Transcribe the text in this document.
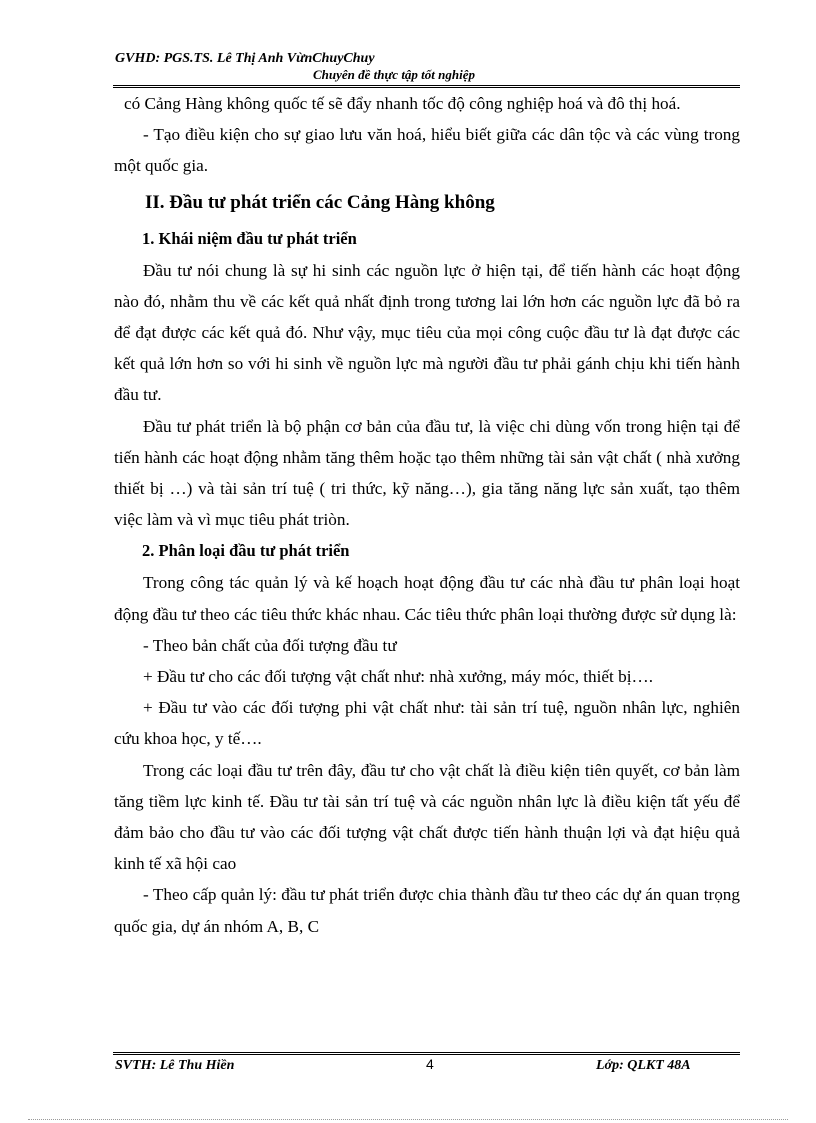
GVHD: PGS.TS. Lê Thị Anh VừnChuyChuy
Chuyên đề thực tập tốt nghiệp

có Cảng Hàng không quốc tế sẽ đẩy nhanh tốc độ công nghiệp hoá và đô thị hoá.

- Tạo điều kiện cho sự giao lưu văn hoá, hiểu biết giữa các dân tộc và các vùng trong một quốc gia.

II. Đầu tư phát triển các Cảng Hàng không
1. Khái niệm đầu tư phát triển

Đầu tư nói chung là sự hi sinh các nguồn lực ở hiện tại, để tiến hành các hoạt động nào đó, nhằm thu về các kết quả nhất định trong tương lai lớn hơn các nguồn lực đã bỏ ra để đạt được các kết quả đó. Như vậy, mục tiêu của mọi công cuộc đầu tư là đạt được các kết quả lớn hơn so với hi sinh về nguồn lực mà người đầu tư phải gánh chịu khi tiến hành đầu tư.

Đầu tư phát triển là bộ phận cơ bản của đầu tư, là việc chi dùng vốn trong hiện tại để tiến hành các hoạt động nhằm tăng thêm hoặc tạo thêm những tài sản vật chất ( nhà xưởng thiết bị …) và tài sản trí tuệ ( tri thức, kỹ năng…), gia tăng năng lực sản xuất, tạo thêm việc làm và vì mục tiêu phát triòn.

2. Phân loại đầu tư phát triển

Trong công tác quản lý và kế hoạch hoạt động đầu tư các nhà đầu tư phân loại hoạt động đầu tư theo các tiêu thức khác nhau. Các tiêu thức phân loại thường được sử dụng là:

- Theo bản chất của đối tượng đầu tư

+ Đầu tư cho các đối tượng vật chất như: nhà xưởng, máy móc, thiết bị….

+ Đầu tư vào các đối tượng phi vật chất như: tài sản trí tuệ, nguồn nhân lực, nghiên cứu khoa học, y tế….

Trong các loại đầu tư trên đây, đầu tư cho vật chất là điều kiện tiên quyết, cơ bản làm tăng tiềm lực kinh tế. Đầu tư tài sản trí tuệ và các nguồn nhân lực là điều kiện tất yếu để đảm bảo cho đầu tư vào các đối tượng vật chất được tiến hành thuận lợi và đạt hiệu quả kinh tế xã hội cao

- Theo cấp quản lý: đầu tư phát triển được chia thành đầu tư theo các dự án quan trọng quốc gia, dự án nhóm A, B, C

SVTH: Lê Thu Hiền	4	Lớp: QLKT 48A
